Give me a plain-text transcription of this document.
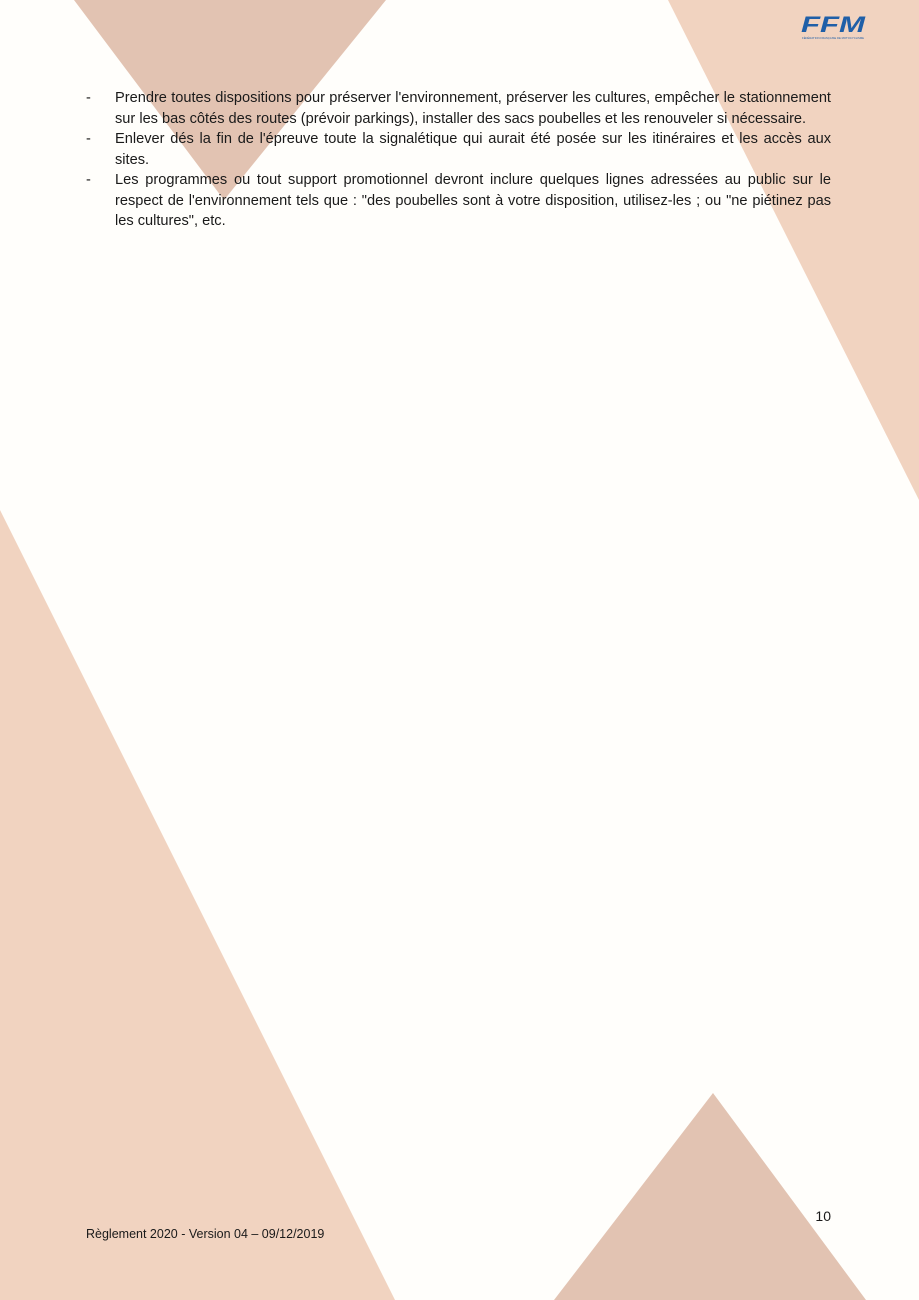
FFM
FÉDÉRATION FRANÇAISE DE MOTOCYCLISME
- Prendre toutes dispositions pour préserver l'environnement, préserver les cultures, empêcher le stationnement sur les bas côtés des routes (prévoir parkings), installer des sacs poubelles et les renouveler si nécessaire.
- Enlever dés la fin de l'épreuve toute la signalétique qui aurait été posée sur les itinéraires et les accès aux sites.
- Les programmes ou tout support promotionnel devront inclure quelques lignes adressées au public sur le respect de l'environnement tels que : "des poubelles sont à votre disposition, utilisez-les ; ou "ne piétinez pas les cultures", etc.
10
Règlement 2020 - Version 04 – 09/12/2019
